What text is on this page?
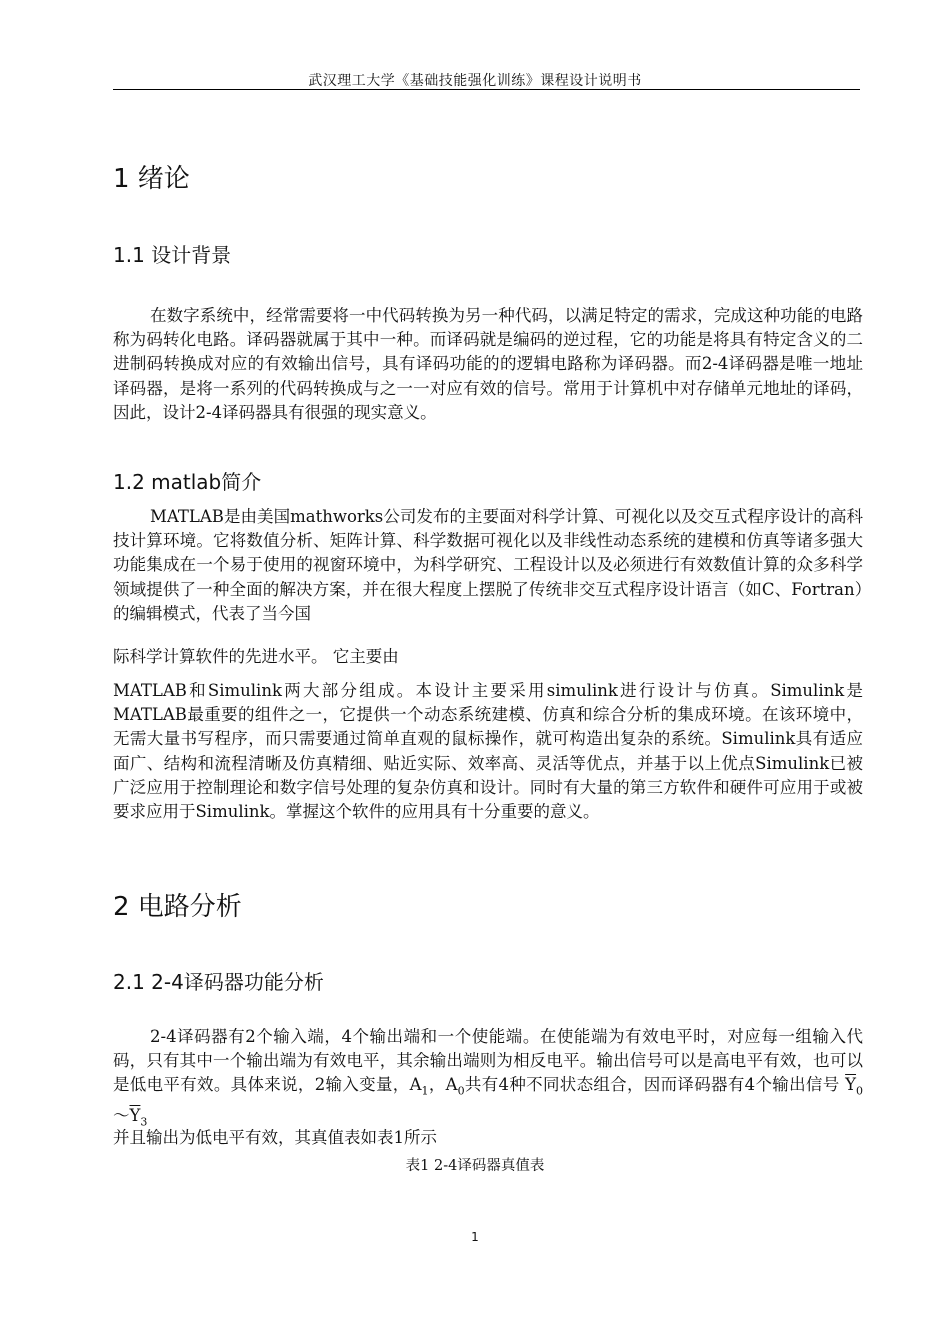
武汉理工大学《基础技能强化训练》课程设计说明书
1 绪论
1.1 设计背景

在数字系统中，经常需要将一中代码转换为另一种代码，以满足特定的需求，完成这种功能的电路称为码转化电路。译码器就属于其中一种。而译码就是编码的逆过程，它的功能是将具有特定含义的二进制码转换成对应的有效输出信号，具有译码功能的的逻辑电路称为译码器。而2-4译码器是唯一地址译码器，是将一系列的代码转换成与之一一对应有效的信号。常用于计算机中对存储单元地址的译码，因此，设计2-4译码器具有很强的现实意义。

1.2 matlab简介

MATLAB是由美国mathworks公司发布的主要面对科学计算、可视化以及交互式程序设计的高科技计算环境。它将数值分析、矩阵计算、科学数据可视化以及非线性动态系统的建模和仿真等诸多强大功能集成在一个易于使用的视窗环境中，为科学研究、工程设计以及必须进行有效数值计算的众多科学领域提供了一种全面的解决方案，并在很大程度上摆脱了传统非交互式程序设计语言（如C、Fortran）的编辑模式，代表了当今国

际科学计算软件的先进水平。 它主要由

MATLAB和Simulink两大部分组成。本设计主要采用simulink进行设计与仿真。Simulink是MATLAB最重要的组件之一，它提供一个动态系统建模、仿真和综合分析的集成环境。在该环境中，无需大量书写程序，而只需要通过简单直观的鼠标操作，就可构造出复杂的系统。Simulink具有适应面广、结构和流程清晰及仿真精细、贴近实际、效率高、灵活等优点，并基于以上优点Simulink已被广泛应用于控制理论和数字信号处理的复杂仿真和设计。同时有大量的第三方软件和硬件可应用于或被要求应用于Simulink。掌握这个软件的应用具有十分重要的意义。

2 电路分析
2.1 2-4译码器功能分析

2-4译码器有2个输入端，4个输出端和一个使能端。在使能端为有效电平时，对应每一组输入代码，只有其中一个输出端为有效电平，其余输出端则为相反电平。输出信号可以是高电平有效，也可以是低电平有效。具体来说，2输入变量，$A_1$，$A_0$共有4种不同状态组合，因而译码器有4个输出信号 $\overline{Y}_0\sim\overline{Y}_3$

并且输出为低电平有效，其真值表如表1所示

表1 2-4译码器真值表

1
